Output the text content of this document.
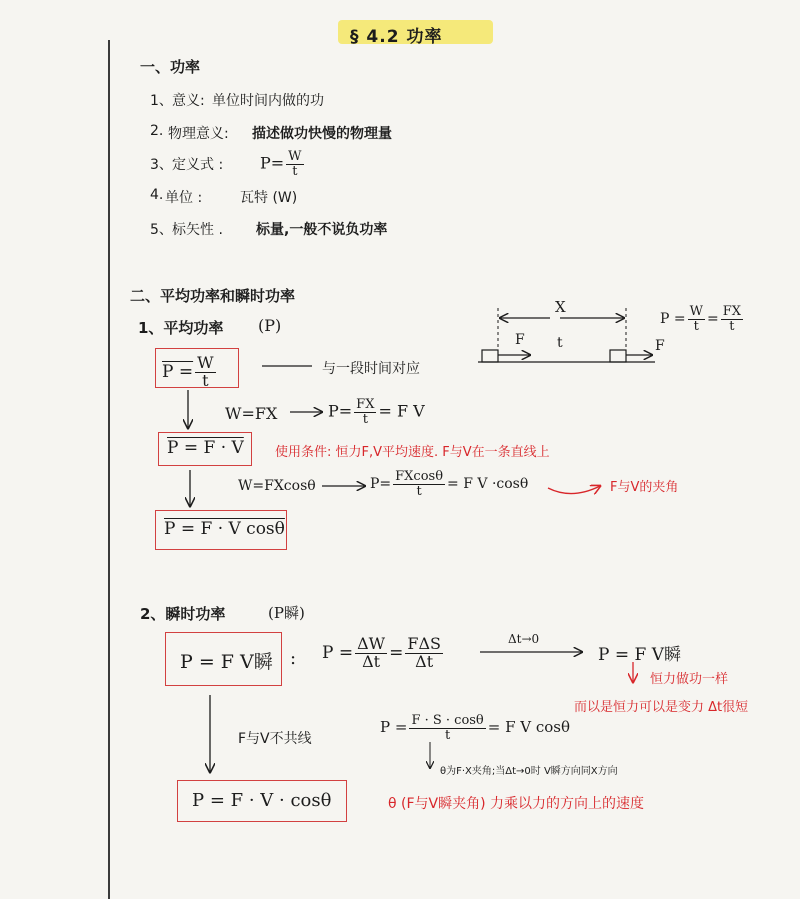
§ 4.2 功率
一、功率
1、 意义: 单位时间内做的功
2. 物理意义: 描述做功快慢的物理量
3、 定义式 : $P= \frac{W}{t}$
4. 单位 :	瓦特 (W)
5、 标矢性 . 标量,一般不说负功率
二、平均功率和瞬时功率
1、平均功率 (P)
$P = \frac{W}{t}$	与一段时间对应
W=FX	$P= \frac{FX}{t} = F$ V
P = F · V 使用条件: 恒力F,V平均速度. F与V在一条直线上
W=FXcosθ	$P= \frac{FXcos\theta}{t} = F$ V ·cosθ	F与V的夹角
P = F · V cosθ
X
F t	F
$P = \frac{W}{t} = \frac{FX}{t}$
2、瞬时功率	(P瞬)
P = F V瞬 : $P = \frac{\Delta W}{\Delta t} = \frac{\text{FΔS}}{\Delta t}$	Δt→0
P = F V瞬
恒力做功一样
而以是恒力可以是变力 Δt很短
F与V不共线
$P = \frac{F \cdot S \cdot \cos\theta}{t} = F$ V cosθ
θ为F·X夹角;当Δt→0时 V瞬方向同X方向
P = F · V · cosθ	θ (F与V瞬夹角) 力乘以力的方向上的速度
